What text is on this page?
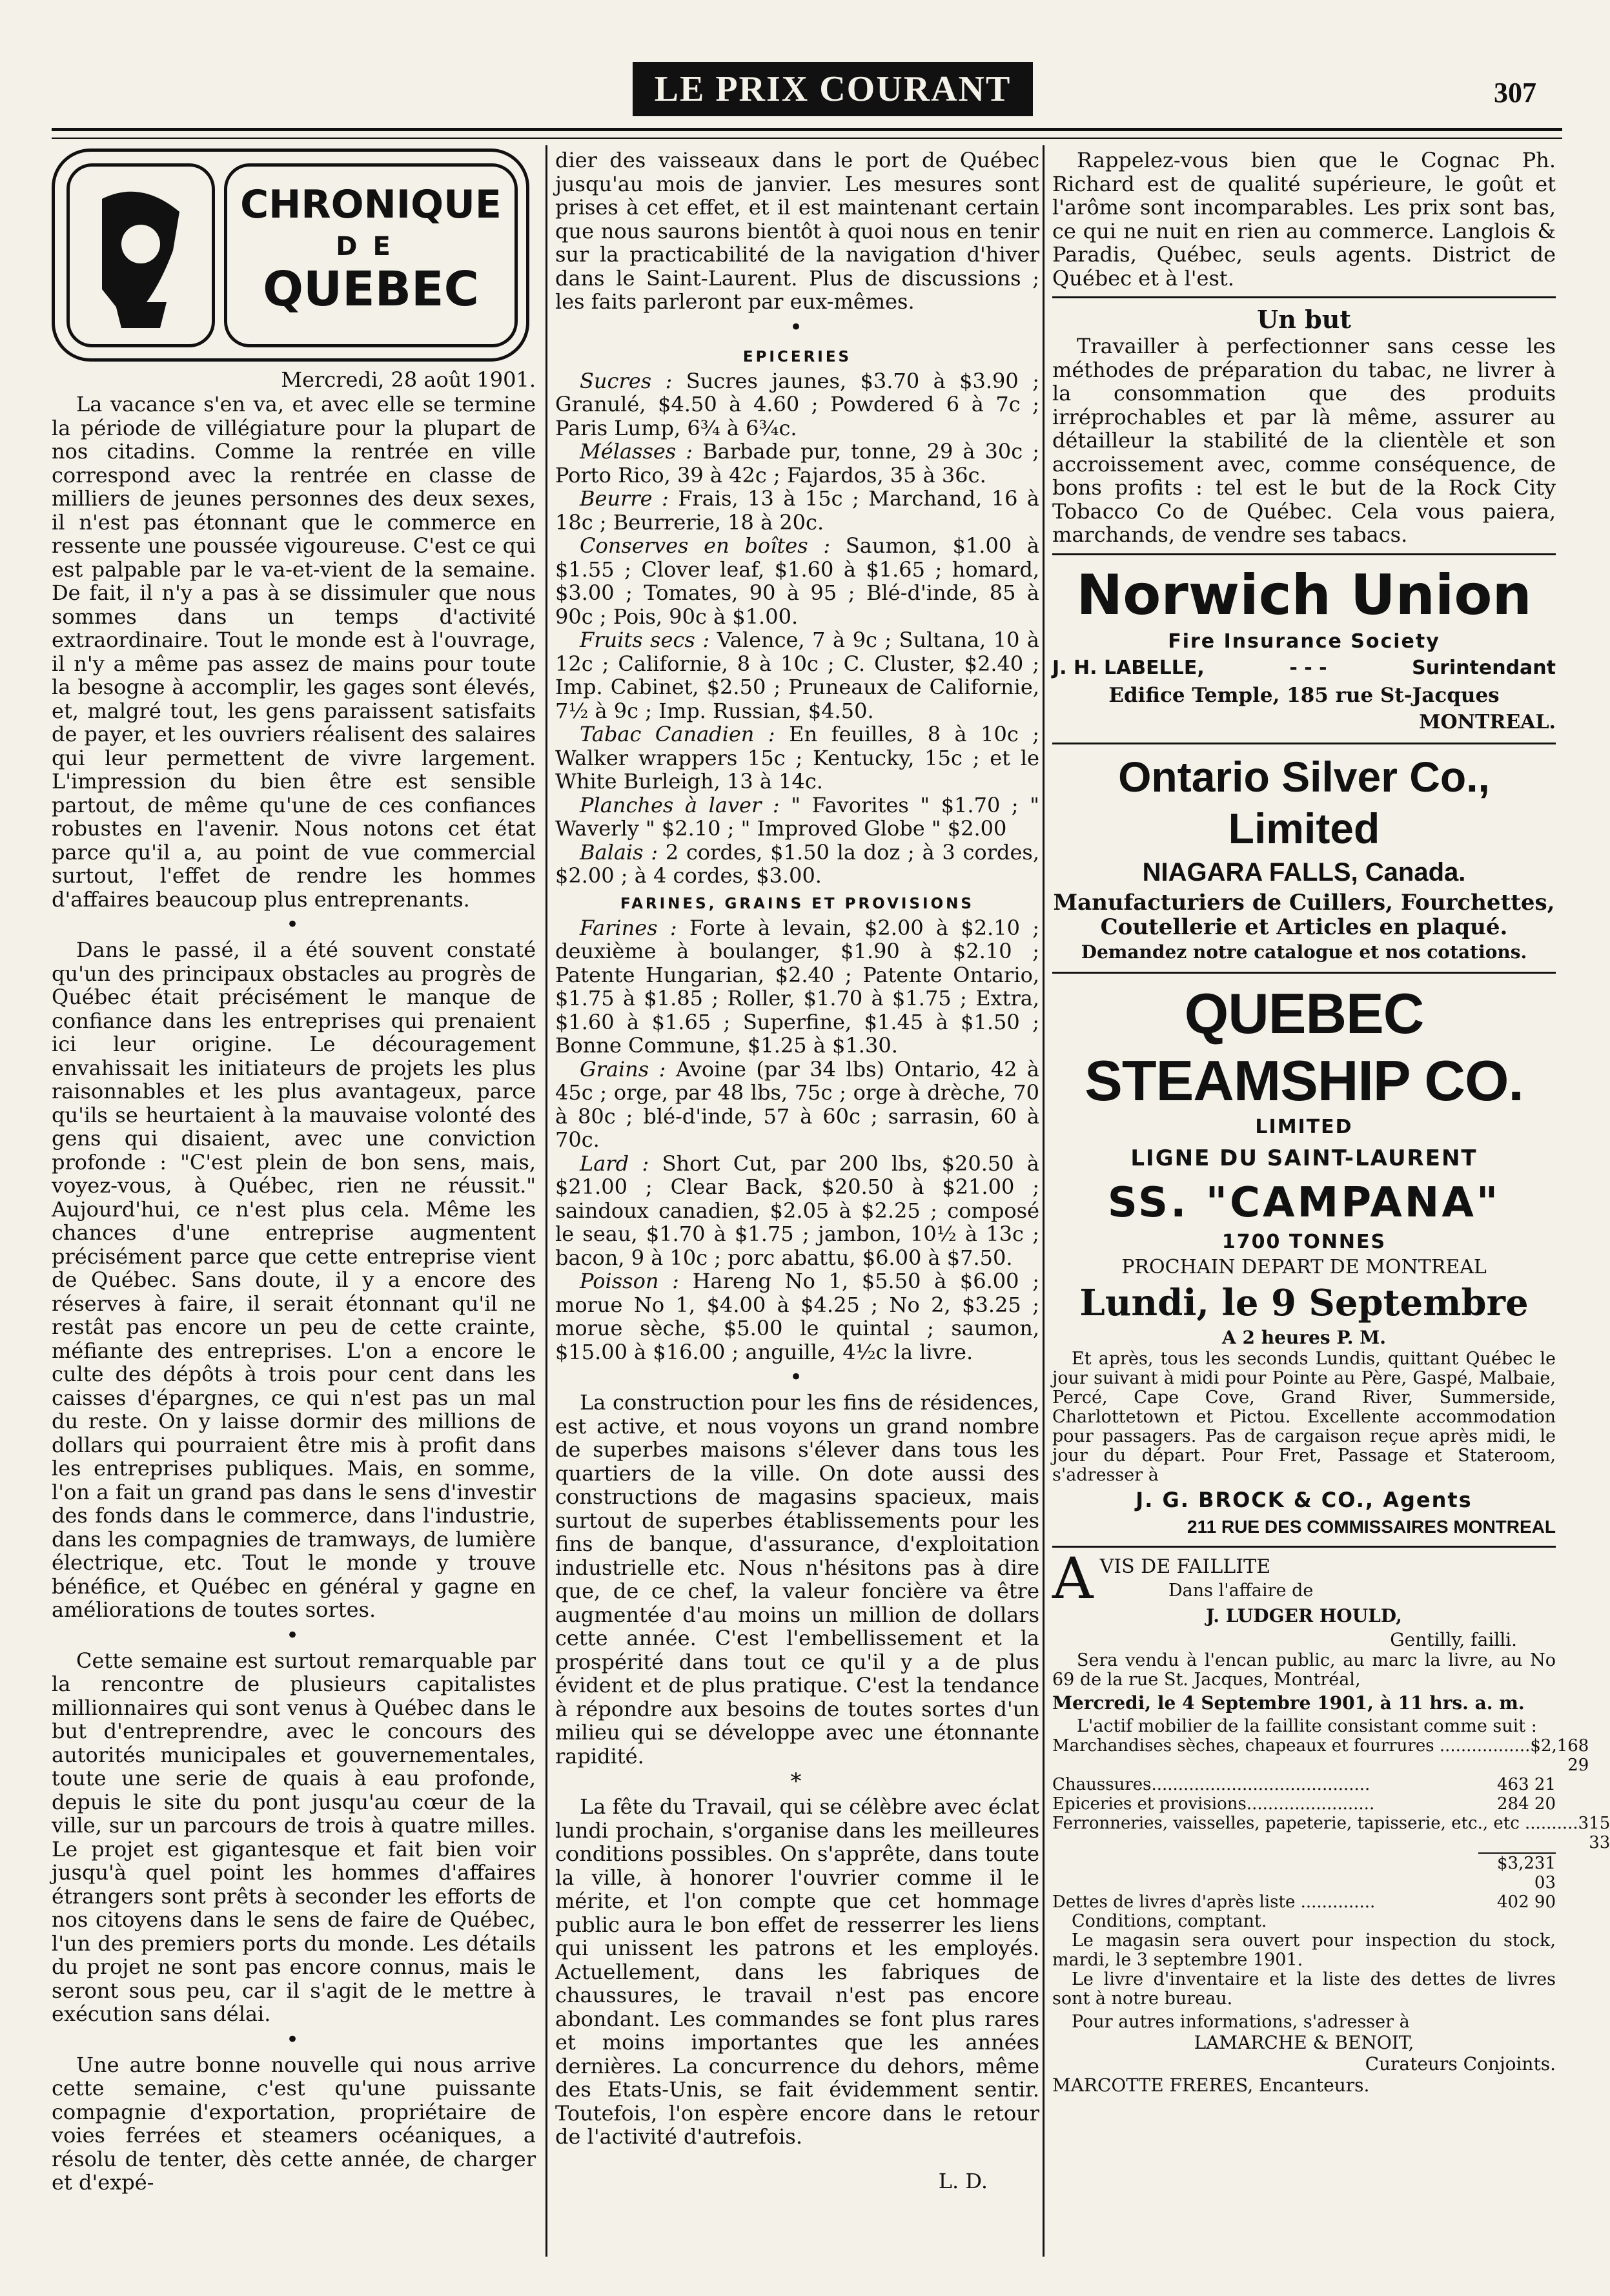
LE PRIX COURANT	307
CHRONIQUE
DE
QUEBEC
Mercredi, 28 août 1901.

La vacance s'en va, et avec elle se termine la période de villégiature pour la plupart de nos citadins. Comme la rentrée en ville correspond avec la rentrée en classe de milliers de jeunes personnes des deux sexes, il n'est pas étonnant que le commerce en ressente une poussée vigoureuse. C'est ce qui est palpable par le va-et-vient de la semaine. De fait, il n'y a pas à se dissimuler que nous sommes dans un temps d'activité extraordinaire. Tout le monde est à l'ouvrage, il n'y a même pas assez de mains pour toute la besogne à accomplir, les gages sont élevés, et, malgré tout, les gens paraissent satisfaits de payer, et les ouvriers réalisent des salaires qui leur permettent de vivre largement. L'impression du bien être est sensible partout, de même qu'une de ces confiances robustes en l'avenir. Nous notons cet état parce qu'il a, au point de vue commercial surtout, l'effet de rendre les hommes d'affaires beaucoup plus entreprenants.

•

Dans le passé, il a été souvent constaté qu'un des principaux obstacles au progrès de Québec était précisément le manque de confiance dans les entreprises qui prenaient ici leur origine. Le découragement envahissait les initiateurs de projets les plus raisonnables et les plus avantageux, parce qu'ils se heurtaient à la mauvaise volonté des gens qui disaient, avec une conviction profonde : "C'est plein de bon sens, mais, voyez-vous, à Québec, rien ne réussit." Aujourd'hui, ce n'est plus cela. Même les chances d'une entreprise augmentent précisément parce que cette entreprise vient de Québec. Sans doute, il y a encore des réserves à faire, il serait étonnant qu'il ne restât pas encore un peu de cette crainte, méfiante des entreprises. L'on a encore le culte des dépôts à trois pour cent dans les caisses d'épargnes, ce qui n'est pas un mal du reste. On y laisse dormir des millions de dollars qui pourraient être mis à profit dans les entreprises publiques. Mais, en somme, l'on a fait un grand pas dans le sens d'investir des fonds dans le commerce, dans l'industrie, dans les compagnies de tramways, de lumière électrique, etc. Tout le monde y trouve bénéfice, et Québec en général y gagne en améliorations de toutes sortes.

•

Cette semaine est surtout remarquable par la rencontre de plusieurs capitalistes millionnaires qui sont venus à Québec dans le but d'entreprendre, avec le concours des autorités municipales et gouvernementales, toute une serie de quais à eau profonde, depuis le site du pont jusqu'au cœur de la ville, sur un parcours de trois à quatre milles. Le projet est gigantesque et fait bien voir jusqu'à quel point les hommes d'affaires étrangers sont prêts à seconder les efforts de nos citoyens dans le sens de faire de Québec, l'un des premiers ports du monde. Les détails du projet ne sont pas encore connus, mais le seront sous peu, car il s'agit de le mettre à exécution sans délai.

•

Une autre bonne nouvelle qui nous arrive cette semaine, c'est qu'une puissante compagnie d'exportation, propriétaire de voies ferrées et steamers océaniques, a résolu de tenter, dès cette année, de charger et d'expé-

dier des vaisseaux dans le port de Québec jusqu'au mois de janvier. Les mesures sont prises à cet effet, et il est maintenant certain que nous saurons bientôt à quoi nous en tenir sur la practicabilité de la navigation d'hiver dans le Saint-Laurent. Plus de discussions ; les faits parleront par eux-mêmes.

•
EPICERIES

Sucres : Sucres jaunes, $3.70 à $3.90 ; Granulé, $4.50 à 4.60 ; Powdered 6 à 7c ; Paris Lump, 6¾ à 6¾c.

Mélasses : Barbade pur, tonne, 29 à 30c ; Porto Rico, 39 à 42c ; Fajardos, 35 à 36c.

Beurre : Frais, 13 à 15c ; Marchand, 16 à 18c ; Beurrerie, 18 à 20c.

Conserves en boîtes : Saumon, $1.00 à $1.55 ; Clover leaf, $1.60 à $1.65 ; homard, $3.00 ; Tomates, 90 à 95 ; Blé-d'inde, 85 à 90c ; Pois, 90c à $1.00.

Fruits secs : Valence, 7 à 9c ; Sultana, 10 à 12c ; Californie, 8 à 10c ; C. Cluster, $2.40 ; Imp. Cabinet, $2.50 ; Pruneaux de Californie, 7½ à 9c ; Imp. Russian, $4.50.

Tabac Canadien : En feuilles, 8 à 10c ; Walker wrappers 15c ; Kentucky, 15c ; et le White Burleigh, 13 à 14c.

Planches à laver : " Favorites " $1.70 ; " Waverly " $2.10 ; " Improved Globe " $2.00

Balais : 2 cordes, $1.50 la doz ; à 3 cordes, $2.00 ; à 4 cordes, $3.00.

FARINES, GRAINS ET PROVISIONS

Farines : Forte à levain, $2.00 à $2.10 ; deuxième à boulanger, $1.90 à $2.10 ; Patente Hungarian, $2.40 ; Patente Ontario, $1.75 à $1.85 ; Roller, $1.70 à $1.75 ; Extra, $1.60 à $1.65 ; Superfine, $1.45 à $1.50 ; Bonne Commune, $1.25 à $1.30.

Grains : Avoine (par 34 lbs) Ontario, 42 à 45c ; orge, par 48 lbs, 75c ; orge à drèche, 70 à 80c ; blé-d'inde, 57 à 60c ; sarrasin, 60 à 70c.

Lard : Short Cut, par 200 lbs, $20.50 à $21.00 ; Clear Back, $20.50 à $21.00 ; saindoux canadien, $2.05 à $2.25 ; composé le seau, $1.70 à $1.75 ; jambon, 10½ à 13c ; bacon, 9 à 10c ; porc abattu, $6.00 à $7.50.

Poisson : Hareng No 1, $5.50 à $6.00 ; morue No 1, $4.00 à $4.25 ; No 2, $3.25 ; morue sèche, $5.00 le quintal ; saumon, $15.00 à $16.00 ; anguille, 4½c la livre.

•

La construction pour les fins de résidences, est active, et nous voyons un grand nombre de superbes maisons s'élever dans tous les quartiers de la ville. On dote aussi des constructions de magasins spacieux, mais surtout de superbes établissements pour les fins de banque, d'assurance, d'exploitation industrielle etc. Nous n'hésitons pas à dire que, de ce chef, la valeur foncière va être augmentée d'au moins un million de dollars cette année. C'est l'embellissement et la prospérité dans tout ce qu'il y a de plus évident et de plus pratique. C'est la tendance à répondre aux besoins de toutes sortes d'un milieu qui se développe avec une étonnante rapidité.

*

La fête du Travail, qui se célèbre avec éclat lundi prochain, s'organise dans les meilleures conditions possibles. On s'apprête, dans toute la ville, à honorer l'ouvrier comme il le mérite, et l'on compte que cet hommage public aura le bon effet de resserrer les liens qui unissent les patrons et les employés. Actuellement, dans les fabriques de chaussures, le travail n'est pas encore abondant. Les commandes se font plus rares et moins importantes que les années dernières. La concurrence du dehors, même des Etats-Unis, se fait évidemment sentir. Toutefois, l'on espère encore dans le retour de l'activité d'autrefois.

L. D.

Rappelez-vous bien que le Cognac Ph. Richard est de qualité supérieure, le goût et l'arôme sont incomparables. Les prix sont bas, ce qui ne nuit en rien au commerce. Langlois & Paradis, Québec, seuls agents. District de Québec et à l'est.

Un but

Travailler à perfectionner sans cesse les méthodes de préparation du tabac, ne livrer à la consommation que des produits irréprochables et par là même, assurer au détailleur la stabilité de la clientèle et son accroissement avec, comme conséquence, de bons profits : tel est le but de la Rock City Tobacco Co de Québec. Cela vous paiera, marchands, de vendre ses tabacs.

Norwich Union
Fire Insurance Society
J. H. LABELLE,	- - -	Surintendant
Edifice Temple, 185 rue St-Jacques
MONTREAL.
Ontario Silver Co., Limited
NIAGARA FALLS, Canada.

Manufacturiers de Cuillers, Fourchettes, Coutellerie et Articles en plaqué.

Demandez notre catalogue et nos cotations.
QUEBEC STEAMSHIP CO.
LIMITED
LIGNE DU SAINT-LAURENT
SS. "CAMPANA"
1700 TONNES
PROCHAIN DEPART DE MONTREAL
Lundi, le 9 Septembre
A 2 heures P. M.

Et après, tous les seconds Lundis, quittant Québec le jour suivant à midi pour Pointe au Père, Gaspé, Malbaie, Percé, Cape Cove, Grand River, Summerside, Charlottetown et Pictou. Excellente accommodation pour passagers. Pas de cargaison reçue après midi, le jour du départ. Pour Fret, Passage et Stateroom, s'adresser à

J. G. BROCK & CO., Agents
211 RUE DES COMMISSAIRES MONTREAL
AVIS DE FAILLITE
Dans l'affaire de
J. LUDGER HOULD,
Gentilly, failli.

Sera vendu à l'encan public, au marc la livre, au No 69 de la rue St. Jacques, Montréal,

Mercredi, le 4 Septembre 1901, à 11 hrs. a. m.

L'actif mobilier de la faillite consistant comme suit :

Marchandises sèches, chapeaux et fourrures ................. $2,168 29
Chaussures.........................................	463 21
Epiceries et provisions........................	284 20
Ferronneries, vaisselles, papeterie, tapisserie, etc., etc .......... 315 33
$3,231 03
Dettes de livres d'après liste ..............	402 90

Conditions, comptant.

Le magasin sera ouvert pour inspection du stock, mardi, le 3 septembre 1901.

Le livre d'inventaire et la liste des dettes de livres sont à notre bureau.

Pour autres informations, s'adresser à

LAMARCHE & BENOIT,
Curateurs Conjoints.
MARCOTTE FRERES, Encanteurs.
